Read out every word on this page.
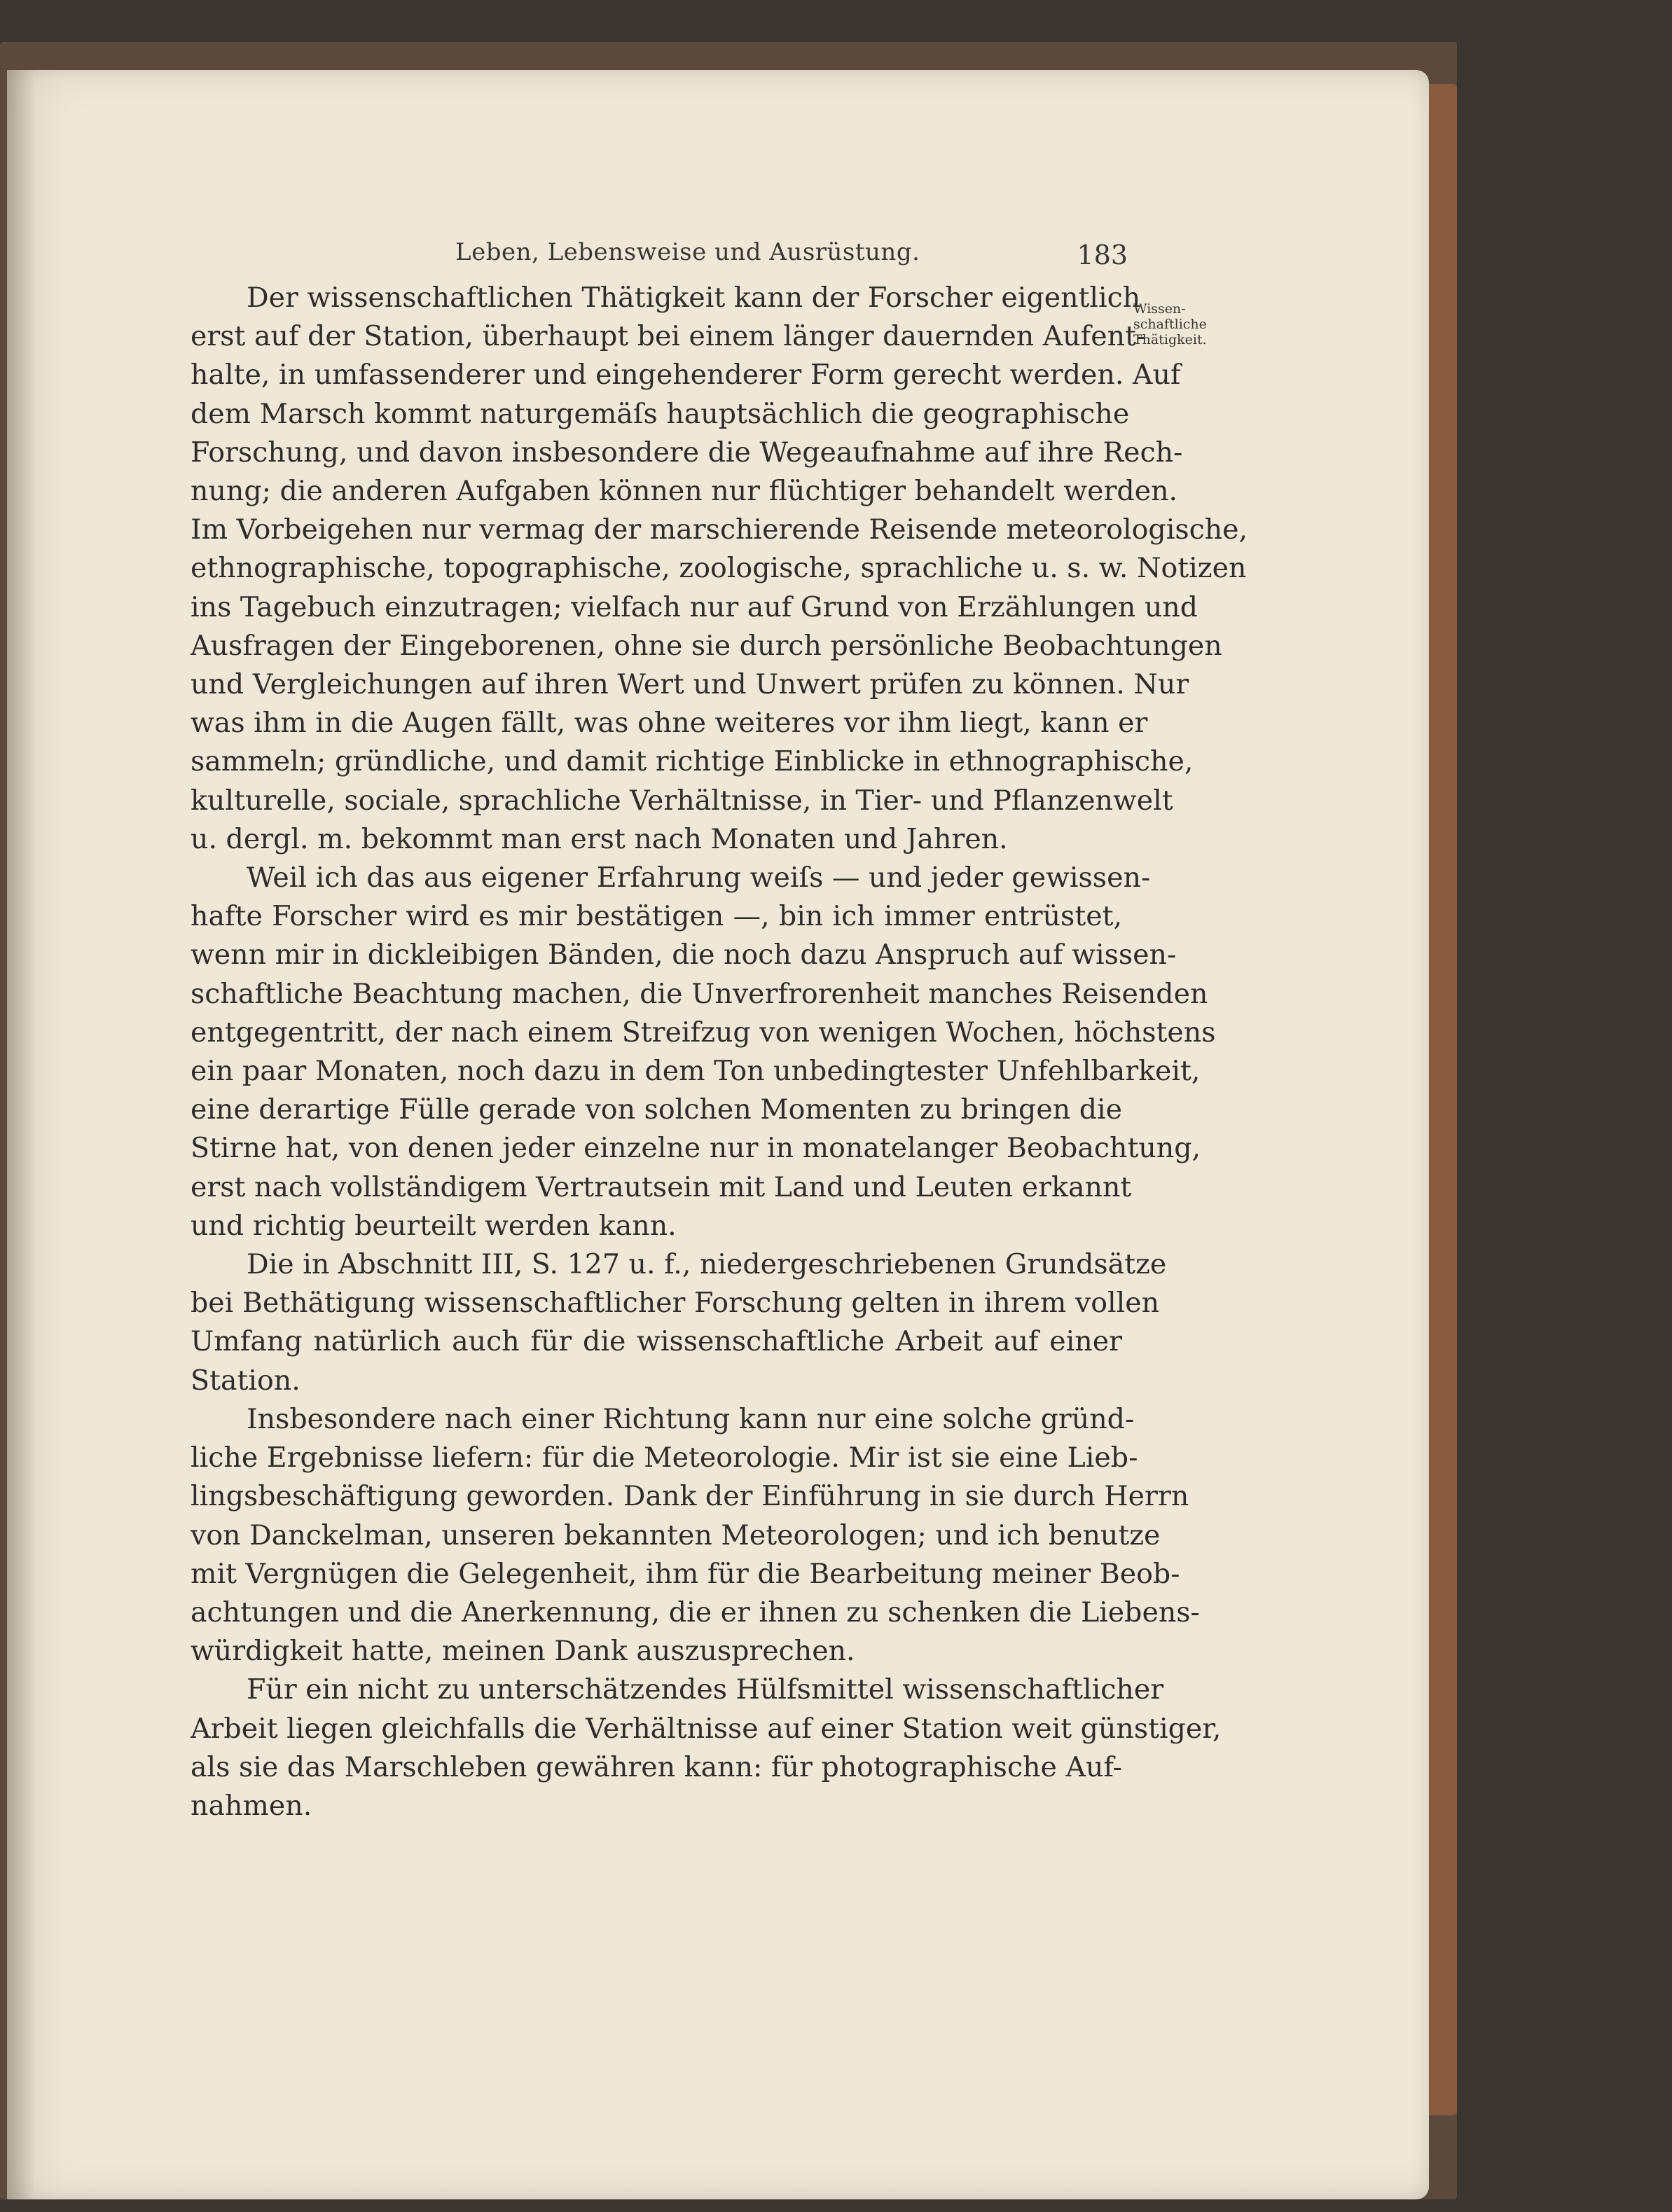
Leben, Lebensweise und Ausrüstung.	183
Wissen-
schaftliche
Thätigkeit.

Der wissenschaftlichen Thätigkeit kann der Forscher eigentlich
erst auf der Station, überhaupt bei einem länger dauernden Aufent-
halte, in umfassenderer und eingehenderer Form gerecht werden. Auf
dem Marsch kommt naturgemäſs hauptsächlich die geographische
Forschung, und davon insbesondere die Wegeaufnahme auf ihre Rech-
nung; die anderen Aufgaben können nur flüchtiger behandelt werden.
Im Vorbeigehen nur vermag der marschierende Reisende meteorologische,
ethnographische, topographische, zoologische, sprachliche u. s. w. Notizen
ins Tagebuch einzutragen; vielfach nur auf Grund von Erzählungen und
Ausfragen der Eingeborenen, ohne sie durch persönliche Beobachtungen
und Vergleichungen auf ihren Wert und Unwert prüfen zu können. Nur
was ihm in die Augen fällt, was ohne weiteres vor ihm liegt, kann er
sammeln; gründliche, und damit richtige Einblicke in ethnographische,
kulturelle, sociale, sprachliche Verhältnisse, in Tier- und Pflanzenwelt
u. dergl. m. bekommt man erst nach Monaten und Jahren.

Weil ich das aus eigener Erfahrung weiſs — und jeder gewissen-
hafte Forscher wird es mir bestätigen —, bin ich immer entrüstet,
wenn mir in dickleibigen Bänden, die noch dazu Anspruch auf wissen-
schaftliche Beachtung machen, die Unverfrorenheit manches Reisenden
entgegentritt, der nach einem Streifzug von wenigen Wochen, höchstens
ein paar Monaten, noch dazu in dem Ton unbedingtester Unfehlbarkeit,
eine derartige Fülle gerade von solchen Momenten zu bringen die
Stirne hat, von denen jeder einzelne nur in monatelanger Beobachtung,
erst nach vollständigem Vertrautsein mit Land und Leuten erkannt
und richtig beurteilt werden kann.

Die in Abschnitt III, S. 127 u. f., niedergeschriebenen Grundsätze
bei Bethätigung wissenschaftlicher Forschung gelten in ihrem vollen
Umfang natürlich auch für die wissenschaftliche Arbeit auf einer
Station.

Insbesondere nach einer Richtung kann nur eine solche gründ-
liche Ergebnisse liefern: für die Meteorologie. Mir ist sie eine Lieb-
lingsbeschäftigung geworden. Dank der Einführung in sie durch Herrn
von Danckelman, unseren bekannten Meteorologen; und ich benutze
mit Vergnügen die Gelegenheit, ihm für die Bearbeitung meiner Beob-
achtungen und die Anerkennung, die er ihnen zu schenken die Liebens-
würdigkeit hatte, meinen Dank auszusprechen.

Für ein nicht zu unterschätzendes Hülfsmittel wissenschaftlicher
Arbeit liegen gleichfalls die Verhältnisse auf einer Station weit günstiger,
als sie das Marschleben gewähren kann: für photographische Auf-
nahmen.
